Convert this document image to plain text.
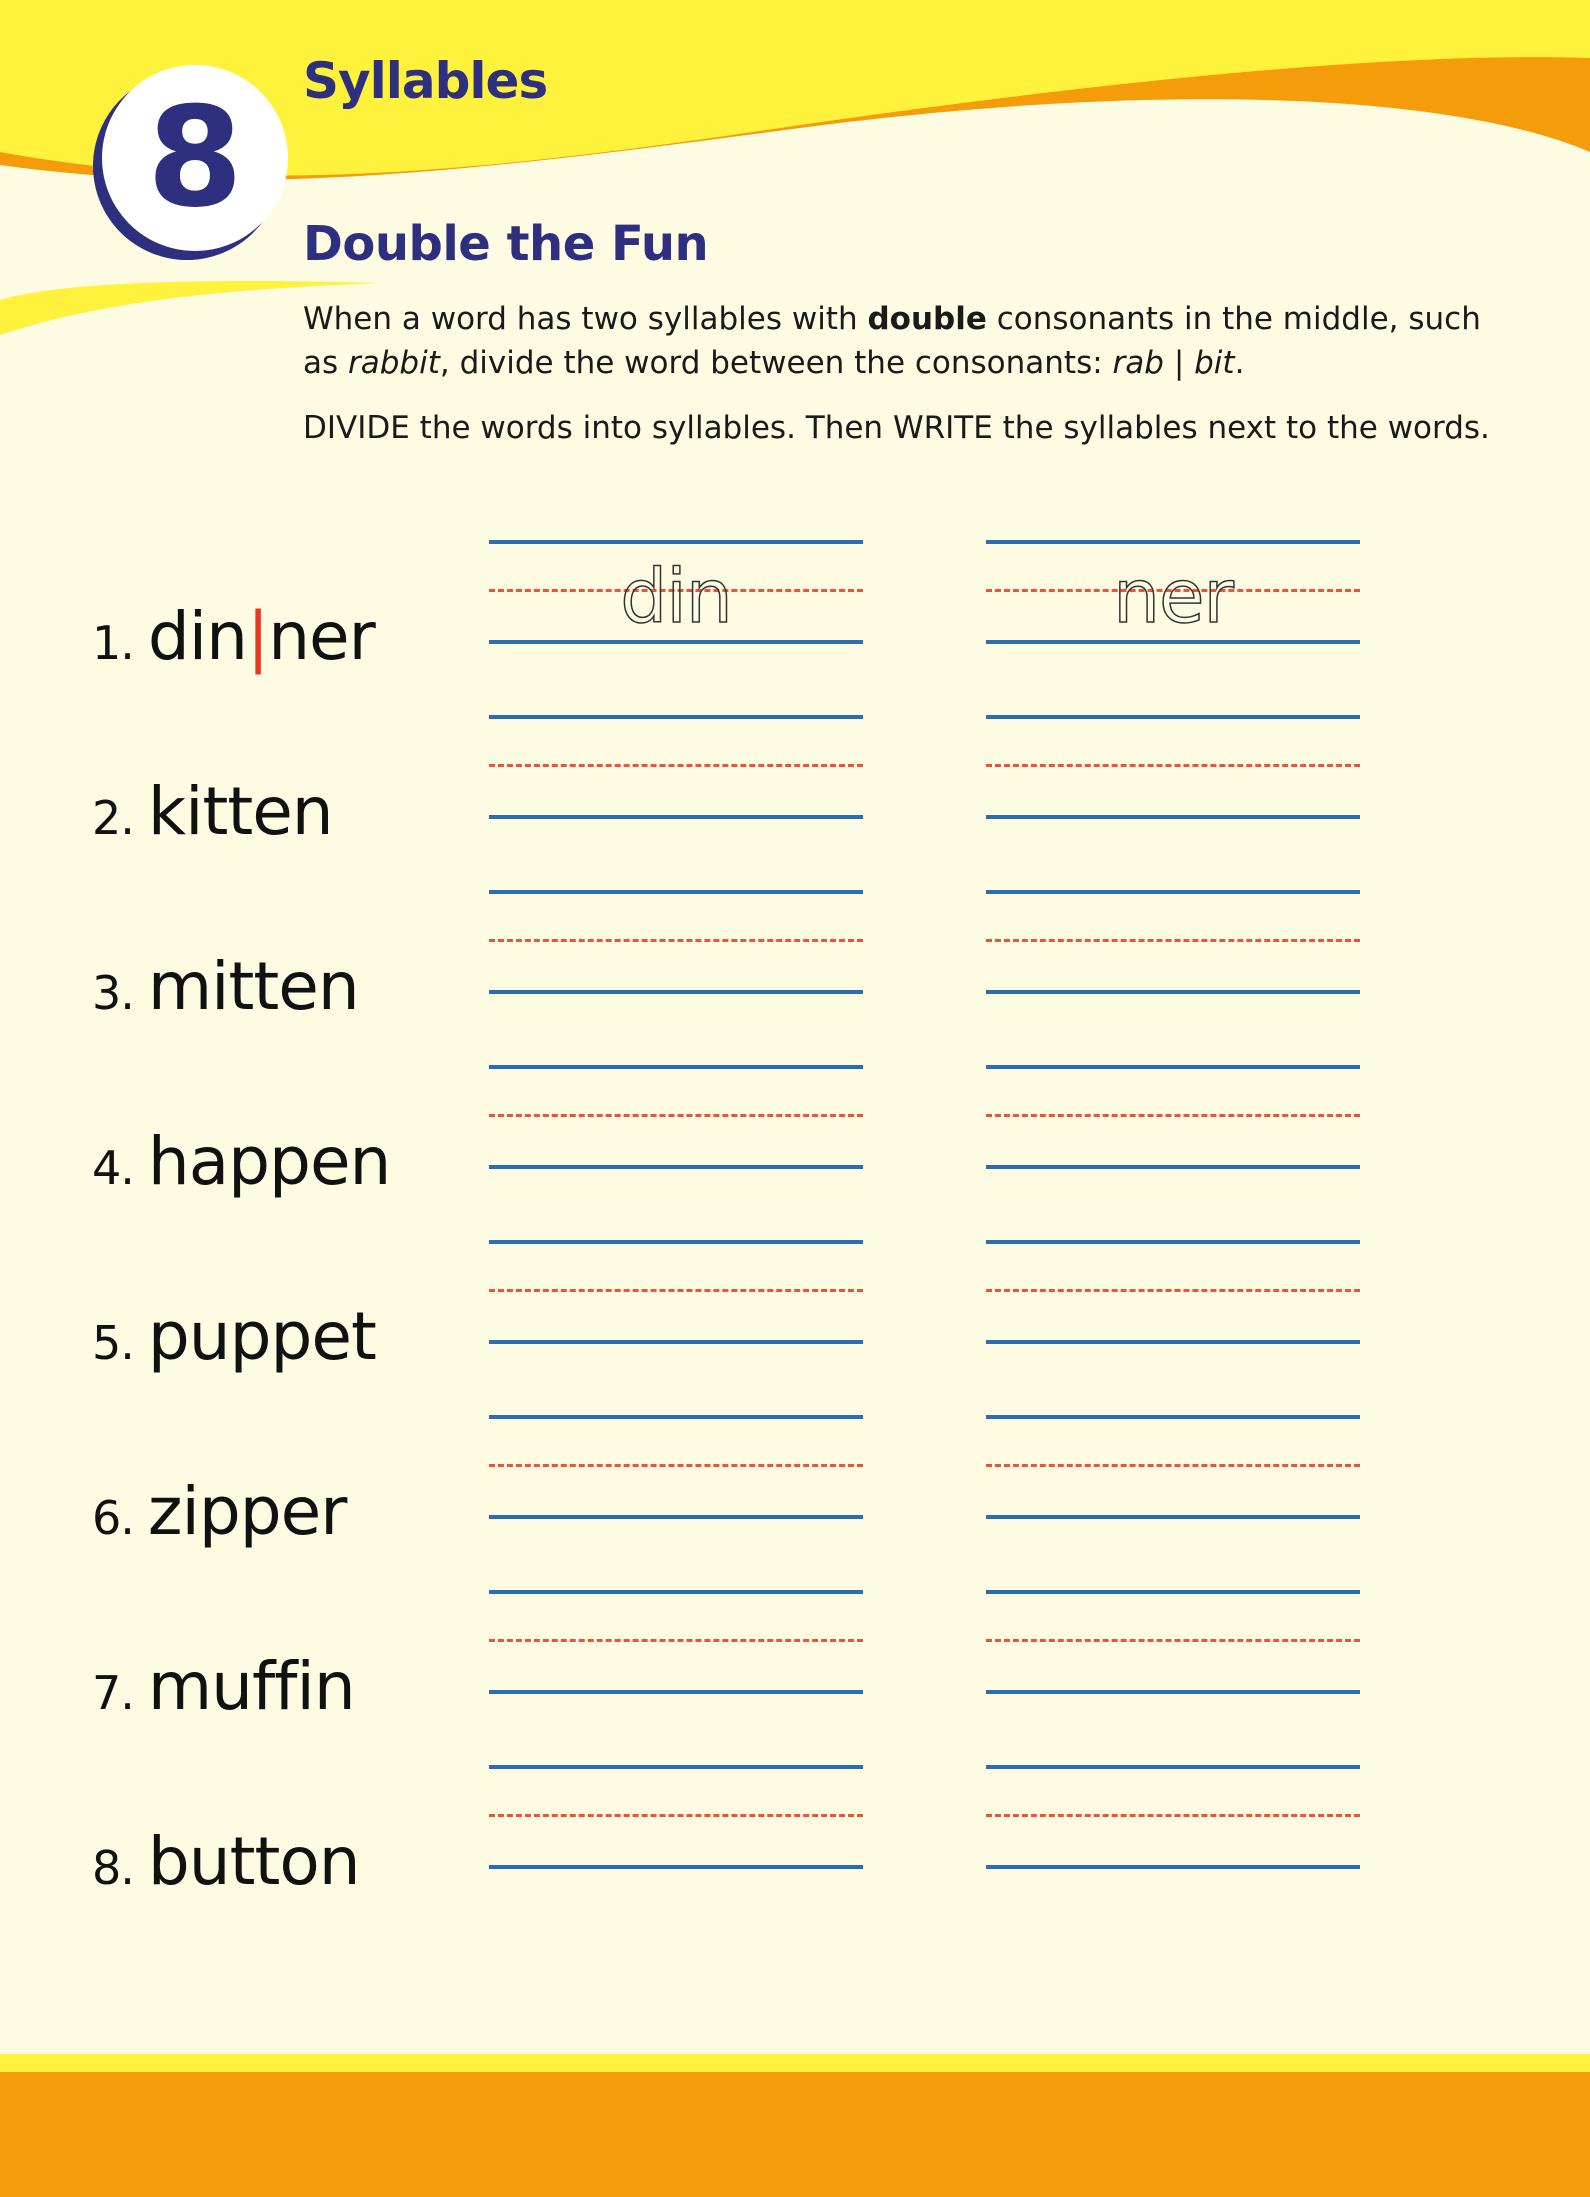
8 Syllables
Double the Fun

When a word has two syllables with double consonants in the middle, such as rabbit, divide the word between the consonants: rab | bit.

DIVIDE the words into syllables. Then WRITE the syllables next to the words.

1. din|ner	din	ner
2. kitten
3. mitten
4. happen
5. puppet
6. zipper
7. muffin
8. button
